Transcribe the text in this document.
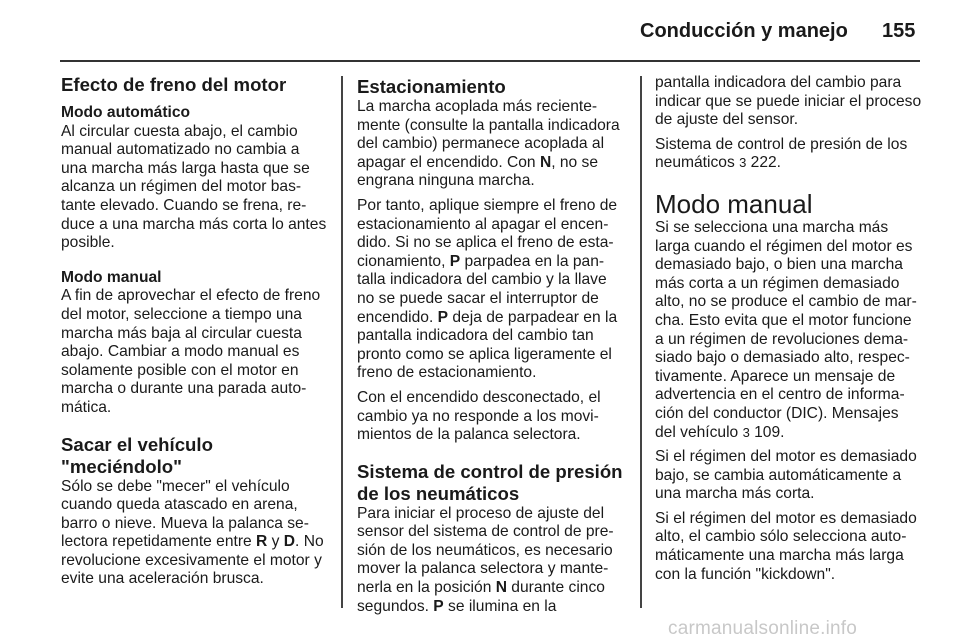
Conducción y manejo 155
Efecto de freno del motor
Modo automático

Al circular cuesta abajo, el cambio manual automatizado no cambia a una marcha más larga hasta que se alcanza un régimen del motor bastante elevado. Cuando se frena, reduce a una marcha más corta lo antes posible.

Modo manual

A fin de aprovechar el efecto de freno del motor, seleccione a tiempo una marcha más baja al circular cuesta abajo. Cambiar a modo manual es solamente posible con el motor en marcha o durante una parada automática.

Sacar el vehículo "meciéndolo"

Sólo se debe "mecer" el vehículo cuando queda atascado en arena, barro o nieve. Mueva la palanca selectora repetidamente entre R y D. No revolucione excesivamente el motor y evite una aceleración brusca.

Estacionamiento

La marcha acoplada más recientemente (consulte la pantalla indicadora del cambio) permanece acoplada al apagar el encendido. Con N, no se engrana ninguna marcha.

Por tanto, aplique siempre el freno de estacionamiento al apagar el encendido. Si no se aplica el freno de estacionamiento, P parpadea en la pantalla indicadora del cambio y la llave no se puede sacar el interruptor de encendido. P deja de parpadear en la pantalla indicadora del cambio tan pronto como se aplica ligeramente el freno de estacionamiento.

Con el encendido desconectado, el cambio ya no responde a los movimientos de la palanca selectora.

Sistema de control de presión de los neumáticos

Para iniciar el proceso de ajuste del sensor del sistema de control de presión de los neumáticos, es necesario mover la palanca selectora y mantenerla en la posición N durante cinco segundos. P se ilumina en la

pantalla indicadora del cambio para indicar que se puede iniciar el proceso de ajuste del sensor.

Sistema de control de presión de los neumáticos 3 222.

Modo manual

Si se selecciona una marcha más larga cuando el régimen del motor es demasiado bajo, o bien una marcha más corta a un régimen demasiado alto, no se produce el cambio de marcha. Esto evita que el motor funcione a un régimen de revoluciones demasiado bajo o demasiado alto, respectivamente. Aparece un mensaje de advertencia en el centro de información del conductor (DIC). Mensajes del vehículo 3 109.

Si el régimen del motor es demasiado bajo, se cambia automáticamente a una marcha más corta.

Si el régimen del motor es demasiado alto, el cambio sólo selecciona automáticamente una marcha más larga con la función "kickdown".

carmanualsonline.info
